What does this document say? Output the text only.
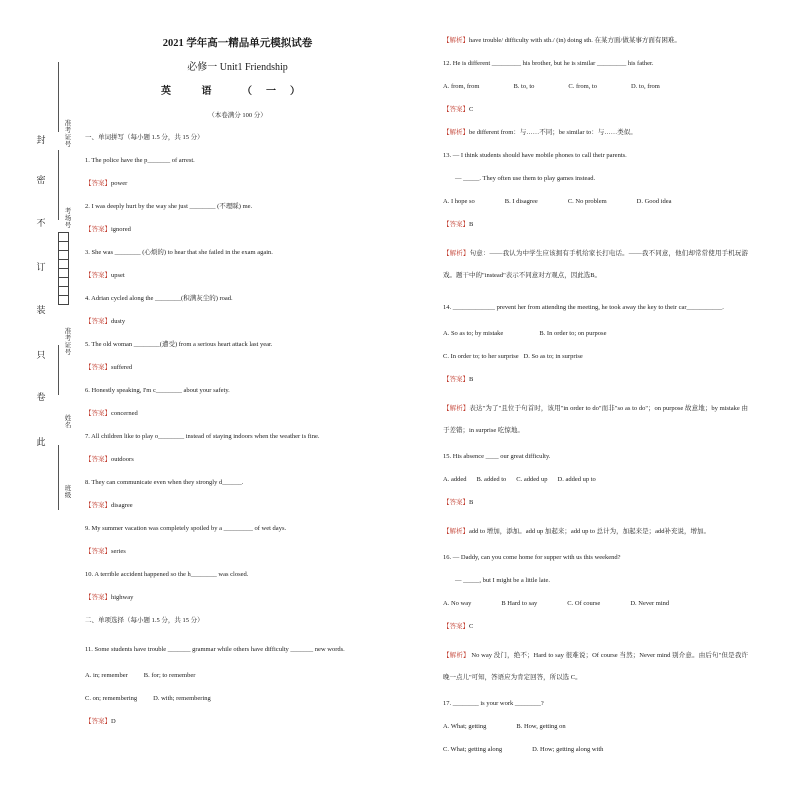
封
密
不
订
装
只
卷
此
准考证号
考场号
准考证号
姓名
班级
2021 学年高一精品单元模拟试卷
必修一 Unit1 Friendship
英 语 （一）
（本卷满分 100 分）
一、单词拼写（每小题 1.5 分，共 15 分）
1. The police have the p_______ of arrest.
【答案】power
2. I was deeply hurt by the way she just ________ (不理睬) me.
【答案】ignored
3. She was ________ (心烦的) to hear that she failed in the exam again.
【答案】upset
4. Adrian cycled along the ________(积满灰尘的) road.
【答案】dusty
5. The old woman ________(遭受) from a serious heart attack last year.
【答案】suffered
6. Honestly speaking, I'm c________ about your safety.
【答案】concerned
7. All children like to play o________ instead of staying indoors when the weather is fine.
【答案】outdoors
8. They can communicate even when they strongly d______.
【答案】disagree
9. My summer vacation was completely spoiled by a _________ of wet days.
【答案】series
10. A terrible accident happened so the h________ was closed.
【答案】highway
二、单项选择（每小题 1.5 分，共 15 分）
11. Some students have trouble _______ grammar while others have difficulty _______ new words.
A. in; remember B. for; to remember
C. on; remembering D. with; remembering
【答案】D
【解析】have trouble/ difficulty with sth./ (in) doing sth. 在某方面/做某事方面有困难。
12. He is different _________ his brother, but he is similar _________ his father.
A. from, from	B. to, to	C. from, to	D. to, from
【答案】C
【解析】be different from：与……不同；be similar to：与……类似。
13. — I think students should have mobile phones to call their parents.
— _____. They often use them to play games instead.
A. I hope so	B. I disagree	C. No problem	D. Good idea
【答案】B
【解析】句意：——我认为中学生应该拥有手机给家长打电话。——我不同意，他们却常常使用手机玩游戏。题干中的"instead"表示不同意对方观点，因此选B。
14. _____________ prevent her from attending the meeting, he took away the key to their car___________.
A. So as to; by mistake	B. In order to; on purpose
C. In order to; to her surprise   D. So as to; in surprise
【答案】B
【解析】表达"为了"且位于句首时，该用"in order to do"而非"so as to do"；on purpose 故意地；by mistake 由于差错；in surprise 吃惊地。
15. His absence ____ our great difficulty.
A. added B. added to C. added up D. added up to
【答案】B
【解析】add to 增加，添加。add up 加起来；add up to 总计为，加起来是；add补充说，增加。
16. — Daddy, can you come home for supper with us this weekend?
— _____, but I might be a little late.
A. No way	B Hard to say	C. Of course	D. Never mind
【答案】C
【解析】 No way 没门，绝不；Hard to say 很难说；Of course 当然；Never mind 别介意。由后句"但是我许晚一点儿"可知，答语应为肯定回答，所以选 C。
17. ________ is your work ________?
A. What; getting	B. How, getting on
C. What; getting along	D. How; getting along with
